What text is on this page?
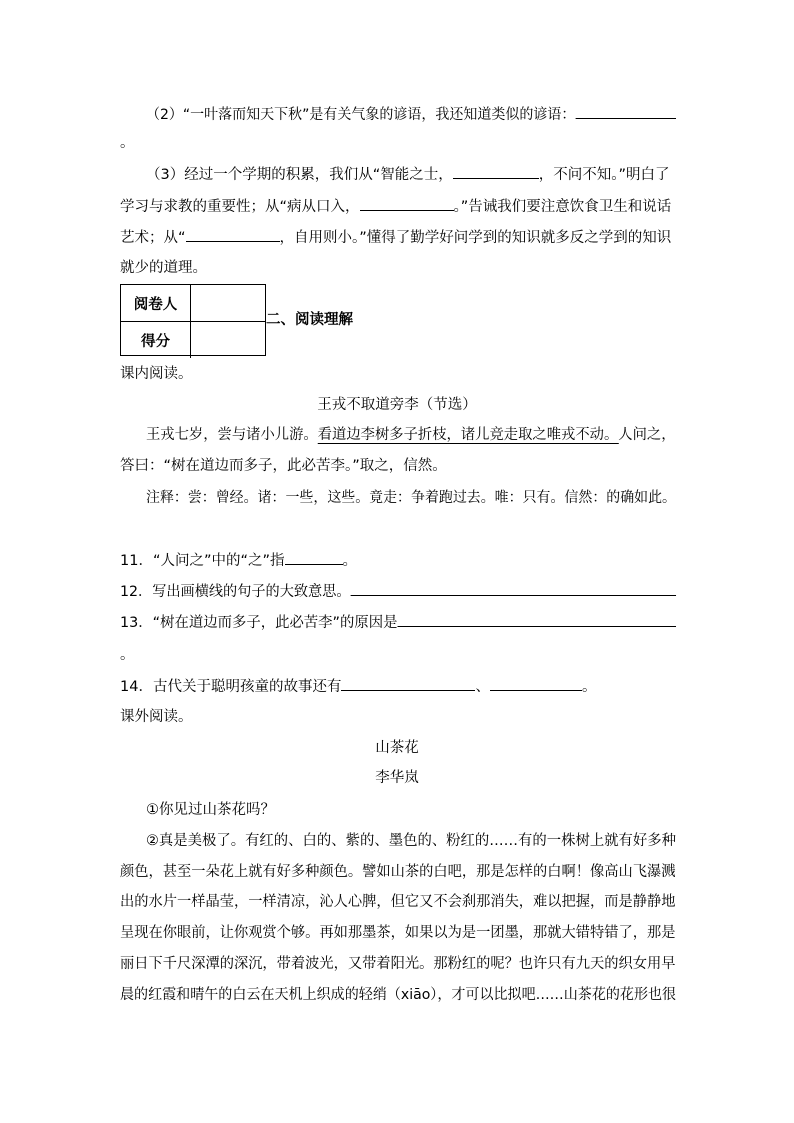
（2）“一叶落而知天下秋”是有关气象的谚语，我还知道类似的谚语：
。
（3）经过一个学期的积累，我们从“智能之士，	，不问不知。”明白了
学习与求教的重要性；从“病从口入，	。”告诫我们要注意饮食卫生和说话
艺术；从“	，自用则小。”懂得了勤学好问学到的知识就多反之学到的知识
就少的道理。
阅卷人
得分
二、阅读理解
课内阅读。
王戎不取道旁李（节选）
王戎七岁，尝与诸小儿游。看道边李树多子折枝，诸儿竞走取之唯戎不动。人问之，
答曰：“树在道边而多子，此必苦李。”取之，信然。
注释：尝：曾经。诸：一些，这些。竟走：争着跑过去。唯：只有。信然：的确如此。
11．“人问之”中的“之”指	。
12．写出画横线的句子的大致意思。
13．“树在道边而多子，此必苦李”的原因是
。
14．古代关于聪明孩童的故事还有	、	。
课外阅读。
山茶花
李华岚
①你见过山茶花吗？
②真是美极了。有红的、白的、紫的、墨色的、粉红的……有的一株树上就有好多种
颜色，甚至一朵花上就有好多种颜色。譬如山茶的白吧，那是怎样的白啊！像高山飞瀑溅
出的水片一样晶莹，一样清凉，沁人心脾，但它又不会刹那消失，难以把握，而是静静地
呈现在你眼前，让你观赏个够。再如那墨茶，如果以为是一团墨，那就大错特错了，那是
丽日下千尺深潭的深沉，带着波光，又带着阳光。那粉红的呢？也许只有九天的织女用早
晨的红霞和晴午的白云在天机上织成的轻绡（xiāo），才可以比拟吧……山茶花的花形也很
